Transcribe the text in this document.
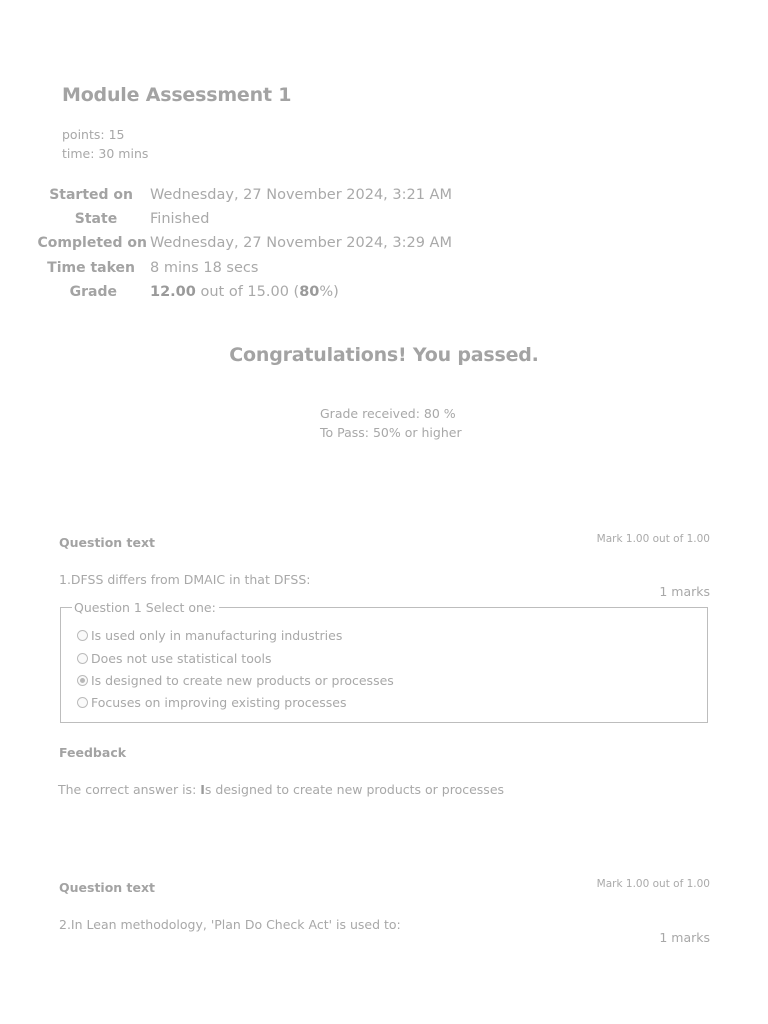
Module Assessment 1
points: 15
time: 30 mins
Started on Wednesday, 27 November 2024, 3:21 AM
State	Finished
Completed on Wednesday, 27 November 2024, 3:29 AM
Time taken 8 mins 18 secs
Grade 12.00 out of 15.00 (80%)
Congratulations! You passed.
Grade received: 80 %
To Pass: 50% or higher
Question text	Mark 1.00 out of 1.00
1.DFSS differs from DMAIC in that DFSS:
1 marks
Question 1 Select one:
Is used only in manufacturing industries
Does not use statistical tools
Is designed to create new products or processes
Focuses on improving existing processes
Feedback
The correct answer is: Is designed to create new products or processes
Question text	Mark 1.00 out of 1.00
2.In Lean methodology, 'Plan Do Check Act' is used to:
1 marks
